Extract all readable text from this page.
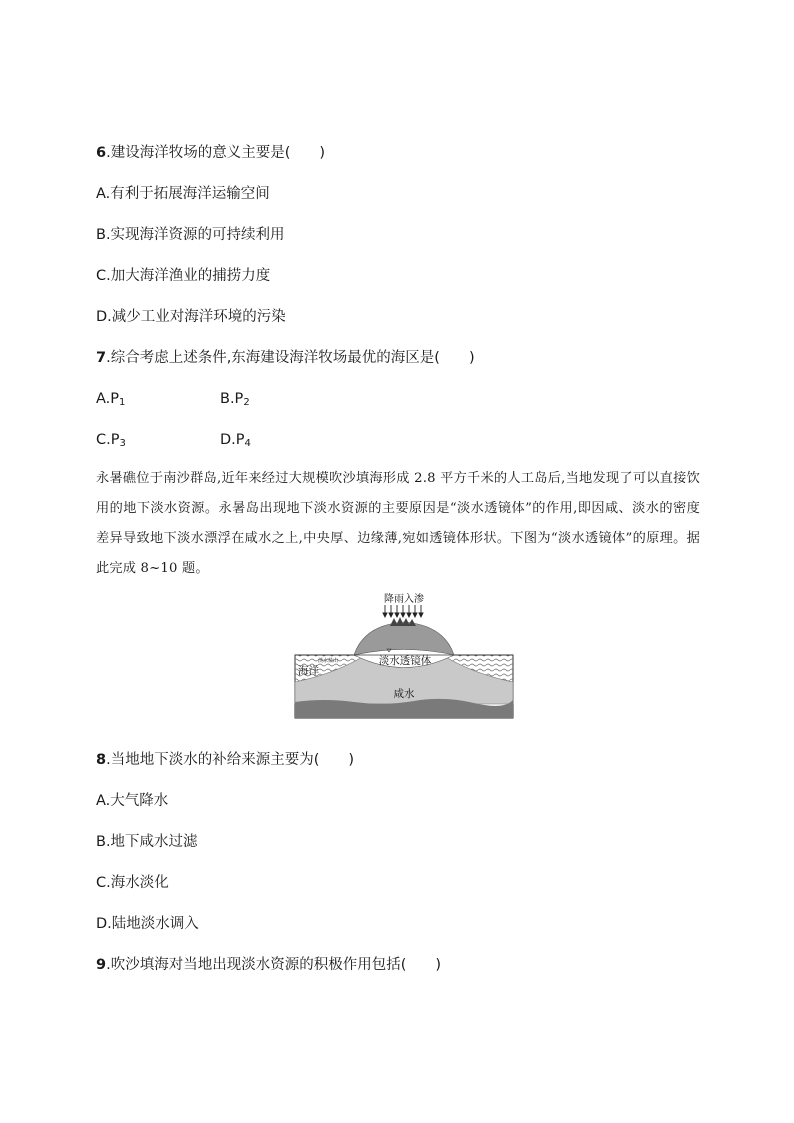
6.建设海洋牧场的意义主要是(　　)
A.有利于拓展海洋运输空间
B.实现海洋资源的可持续利用
C.加大海洋渔业的捕捞力度
D.减少工业对海洋环境的污染
7.综合考虑上述条件,东海建设海洋牧场最优的海区是(　　)
$A.P_1$	$B.P_2$
$C.P_3$	$D.P_4$
永暑礁位于南沙群岛,近年来经过大规模吹沙填海形成 2.8 平方千米的人工岛后,当地发现了可以直接饮用的地下淡水资源。永暑岛出现地下淡水资源的主要原因是“淡水透镜体”的作用,即因咸、淡水的密度差异导致地下淡水漂浮在咸水之上,中央厚、边缘薄,宛如透镜体形状。下图为“淡水透镜体”的原理。据此完成 8~10 题。
降雨入渗
淡水透镜体
海洋
咸水
淡水盐山
8.当地地下淡水的补给来源主要为(　　)
A.大气降水
B.地下咸水过滤
C.海水淡化
D.陆地淡水调入
9.吹沙填海对当地出现淡水资源的积极作用包括(　　)
